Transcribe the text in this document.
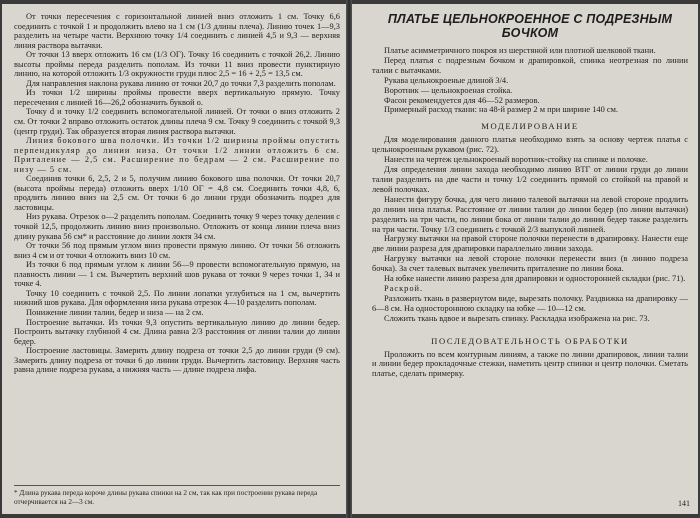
От точки пересечения с горизонтальной линией вниз отложить 1 см. Точку 6,6 соединить с точкой 1 и продолжить влево на 1 см (1/3 длины плеча). Линию точек 1—9,3 разделить на четыре части. Верхнюю точку 1/4 соединить с линией 4,5 и 9,3 — верхняя линия раствора вытачки.

От точки 13 вверх отложить 16 см (1/3 ОГ). Точку 16 соединить с точкой 26,2. Линию высоты проймы переда разделить пополам. Из точки 11 вниз провести пунктирную линию, на которой отложить 1/3 окружности груди плюс 2,5 = 16 + 2,5 = 13,5 см.

Для направления наклона рукава линию от точки 20,7 до точки 7,3 разделить пополам.

Из точки 1/2 ширины проймы провести вверх вертикальную прямую. Точку пересечения с линией 16—26,2 обозначить буквой о.

Точку d и точку 1/2 соединить вспомогательной линией. От точки о вниз отложить 2 см. От точки 2 вправо отложить остаток длины плеча 9 см. Точку 9 соединить с точкой 9,3 (центр груди). Так образуется вторая линия раствора вытачки.

Линия бокового шва полочки. Из точки 1/2 ширины проймы опустить перпендикуляр до линии низа. От точки 1/2 линии отложить 6 см. Приталение — 2,5 см. Расширение по бедрам — 2 см. Расширение по низу — 5 см.

Соединив точки 6, 2,5, 2 и 5, получим линию бокового шва полочки. От точки 20,7 (высота проймы переда) отложить вверх 1/10 ОГ = 4,8 см. Соединить точки 4,8, 6, продлить линию вниз на 2,5 см. От точки 6 до линии груди обозначить подрез для ластовицы.

Низ рукава. Отрезок о—2 разделить пополам. Соединить точку 9 через точку деления с точкой 12,5, продолжить линию вниз произвольно. Отложить от конца линии плеча вниз длину рукава 56 см* и расстояние до линии локтя 34 см.

От точки 56 под прямым углом вниз провести прямую линию. От точки 56 отложить вниз 4 см и от точки 4 отложить вниз 10 см.

Из точки 6 под прямым углом к линии 56—9 провести вспомогательную прямую, на плавность линии — 1 см. Вычертить верхний шов рукава от точки 9 через точки 1, 34 и точке 4.

Точку 10 соединить с точкой 2,5. По линии лопатки углубиться на 1 см, вычертить нижний шов рукава. Для оформления низа рукава отрезок 4—10 разделить пополам.

Понижение линии талии, бедер и низа — на 2 см.

Построение вытачки. Из точки 9,3 опустить вертикальную линию до линии бедер. Построить вытачку глубиной 4 см. Длина равна 2/3 расстояния от линии талии до линии бедер.

Построение ластовицы. Замерить длину подреза от точки 2,5 до линии груди (9 см). Замерить длину подреза от точки 6 до линии груди. Вычертить ластовицу. Верхняя часть равна длине подреза рукава, а нижняя часть — длине подреза лифа.

* Длина рукава переда короче длины рукава спинки на 2 см, так как при построении рукава переда отчерчивается на 2—3 см.
ПЛАТЬЕ ЦЕЛЬНОКРОЕННОЕ С ПОДРЕЗНЫМ БОЧКОМ

Платье асимметричного покроя из шерстяной или плотной шелковой ткани.

Перед платья с подрезным бочком и драпировкой, спинка неотрезная по линии талии с вытачками.

Рукава цельнокроеные длиной 3/4.

Воротник — цельнокроеная стойка.

Фасон рекомендуется для 46—52 размеров.

Примерный расход ткани: на 48-й размер 2 м при ширине 140 см.

МОДЕЛИРОВАНИЕ

Для моделирования данного платья необходимо взять за основу чертеж платья с цельнокроенным рукавом (рис. 72).

Нанести на чертеж цельнокроеный воротник-стойку на спинке и полочке.

Для определения линии захода необходимо линию ВТГ от линии груди до линии талии разделить на две части и точку 1/2 соединить прямой со стойкой на правой и левой полочках.

Нанести фигуру бочка, для чего линию талевой вытачки на левой стороне продлить до линии низа платья. Расстояние от линии талии до линии бедер (по линии вытачки) разделить на три части, по линии бока от линии талии до линии бедер также разделить на три части. Точку 1/3 соединить с точкой 2/3 выпуклой линией.

Нагрузку вытачки на правой стороне полочки перенести в драпировку. Нанести еще две линии разреза для драпировки параллельно линии захода.

Нагрузку вытачки на левой стороне полочки перенести вниз (в линию подреза бочка). За счет талевых вытачек увеличить приталение по линии бока.

На юбке нанести линию разреза для драпировки и односторонней складки (рис. 71).

Раскрой.

Разложить ткань в развернутом виде, вырезать полочку. Раздвижка на драпировку — 6—8 см. На одностороннюю складку на юбке — 10—12 см.

Сложить ткань вдвое и вырезать спинку. Раскладка изображена на рис. 73.

ПОСЛЕДОВАТЕЛЬНОСТЬ ОБРАБОТКИ

Проложить по всем контурным линиям, а также по линии драпировок, линии талии и линии бедер прокладочные стежки, наметить центр спинки и центр полочки. Сметать платье, сделать примерку.

141
